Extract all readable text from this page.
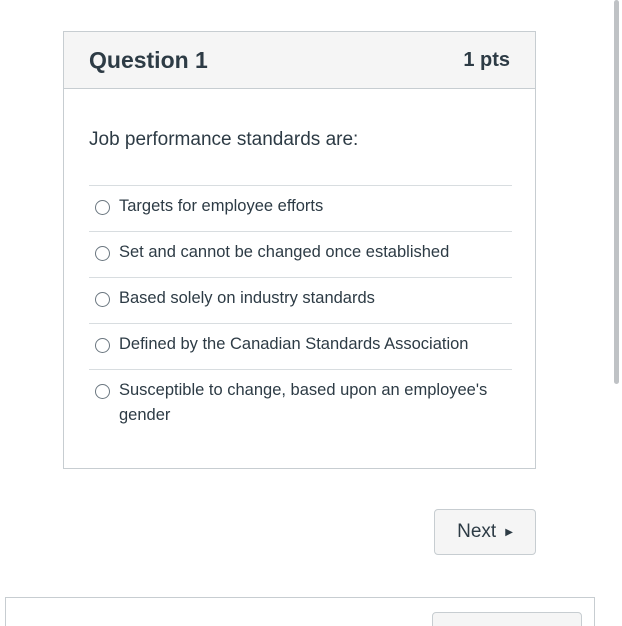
Question 1	1 pts
Job performance standards are:
Targets for employee efforts
Set and cannot be changed once established
Based solely on industry standards
Defined by the Canadian Standards Association
Susceptible to change, based upon an employee's gender
Next ▶
